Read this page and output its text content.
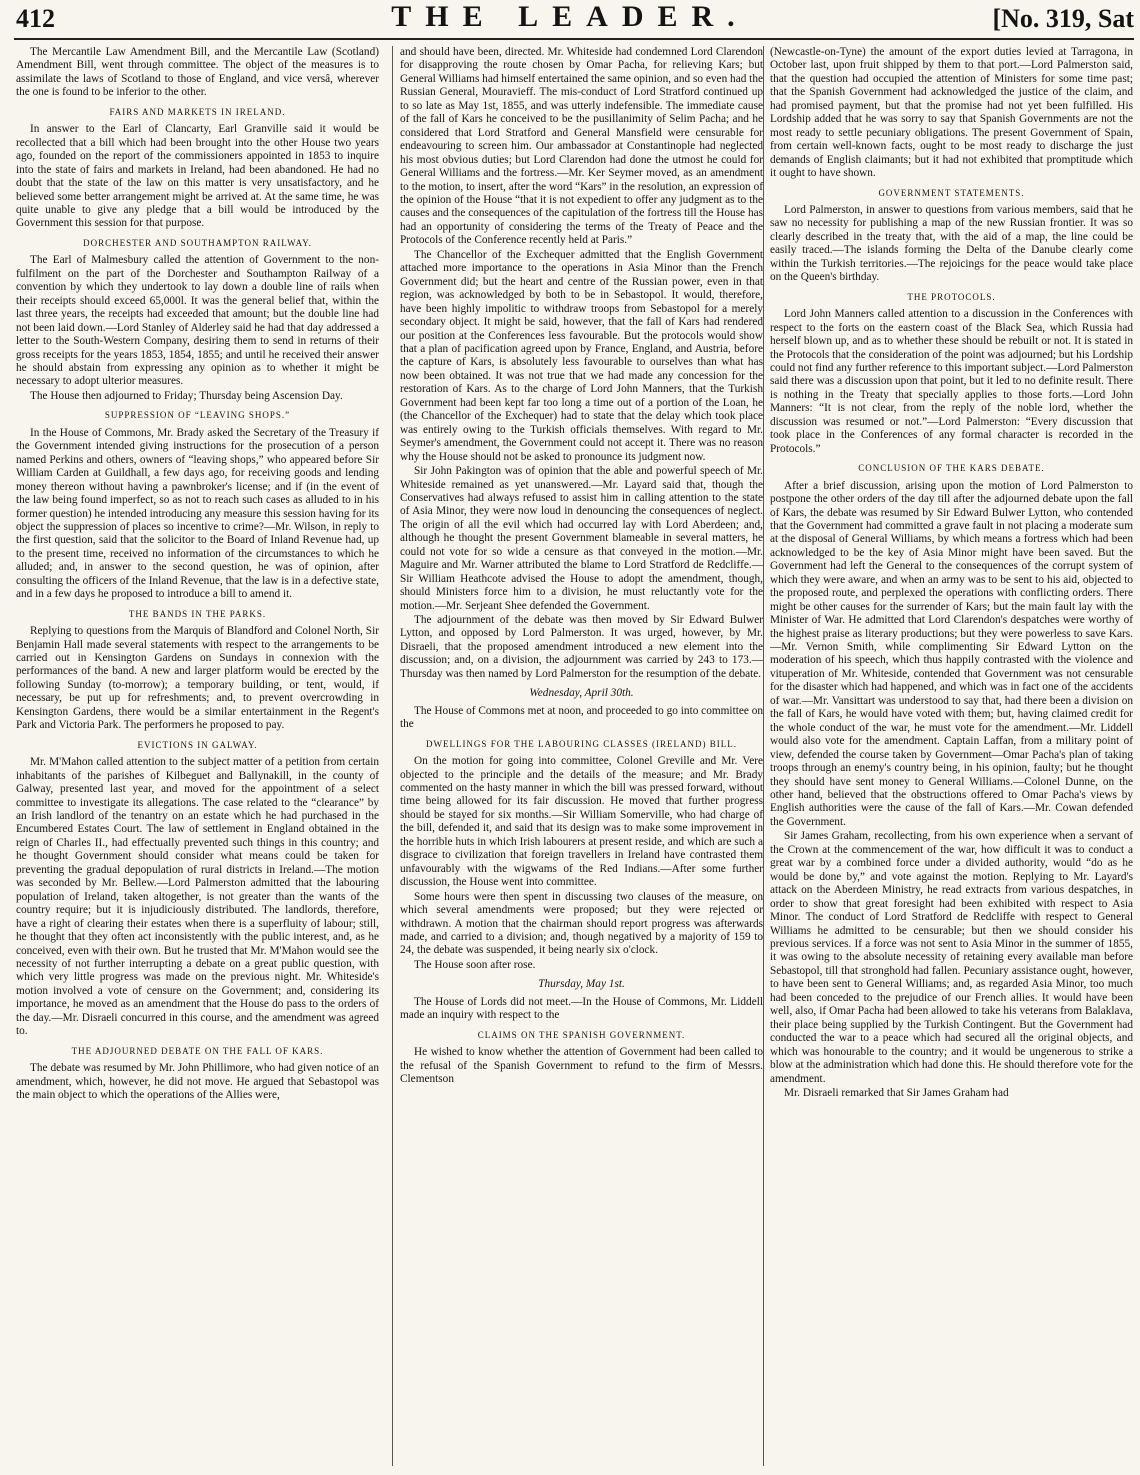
412	THE LEADER.	[No. 319, Sat

The Mercantile Law Amendment Bill, and the Mercantile Law (Scotland) Amendment Bill, went through committee. The object of the measures is to assimilate the laws of Scotland to those of England, and vice versâ, wherever the one is found to be inferior to the other.

FAIRS AND MARKETS IN IRELAND.

In answer to the Earl of Clancarty, Earl Granville said it would be recollected that a bill which had been brought into the other House two years ago, founded on the report of the commissioners appointed in 1853 to inquire into the state of fairs and markets in Ireland, had been abandoned. He had no doubt that the state of the law on this matter is very unsatisfactory, and he believed some better arrangement might be arrived at. At the same time, he was quite unable to give any pledge that a bill would be introduced by the Government this session for that purpose.

DORCHESTER AND SOUTHAMPTON RAILWAY.

The Earl of Malmesbury called the attention of Government to the non-fulfilment on the part of the Dorchester and Southampton Railway of a convention by which they undertook to lay down a double line of rails when their receipts should exceed 65,000l. It was the general belief that, within the last three years, the receipts had exceeded that amount; but the double line had not been laid down.—Lord Stanley of Alderley said he had that day addressed a letter to the South-Western Company, desiring them to send in returns of their gross receipts for the years 1853, 1854, 1855; and until he received their answer he should abstain from expressing any opinion as to whether it might be necessary to adopt ulterior measures.

The House then adjourned to Friday; Thursday being Ascension Day.

SUPPRESSION OF “LEAVING SHOPS.”

In the House of Commons, Mr. Brady asked the Secretary of the Treasury if the Government intended giving instructions for the prosecution of a person named Perkins and others, owners of “leaving shops,” who appeared before Sir William Carden at Guildhall, a few days ago, for receiving goods and lending money thereon without having a pawnbroker's license; and if (in the event of the law being found imperfect, so as not to reach such cases as alluded to in his former question) he intended introducing any measure this session having for its object the suppression of places so incentive to crime?—Mr. Wilson, in reply to the first question, said that the solicitor to the Board of Inland Revenue had, up to the present time, received no information of the circumstances to which he alluded; and, in answer to the second question, he was of opinion, after consulting the officers of the Inland Revenue, that the law is in a defective state, and in a few days he proposed to introduce a bill to amend it.

THE BANDS IN THE PARKS.

Replying to questions from the Marquis of Blandford and Colonel North, Sir Benjamin Hall made several statements with respect to the arrangements to be carried out in Kensington Gardens on Sundays in connexion with the performances of the band. A new and larger platform would be erected by the following Sunday (to-morrow); a temporary building, or tent, would, if necessary, be put up for refreshments; and, to prevent overcrowding in Kensington Gardens, there would be a similar entertainment in the Regent's Park and Victoria Park. The performers he proposed to pay.

EVICTIONS IN GALWAY.

Mr. M'Mahon called attention to the subject matter of a petition from certain inhabitants of the parishes of Kilbeguet and Ballynakill, in the county of Galway, presented last year, and moved for the appointment of a select committee to investigate its allegations. The case related to the “clearance” by an Irish landlord of the tenantry on an estate which he had purchased in the Encumbered Estates Court. The law of settlement in England obtained in the reign of Charles II., had effectually prevented such things in this country; and he thought Government should consider what means could be taken for preventing the gradual depopulation of rural districts in Ireland.—The motion was seconded by Mr. Bellew.—Lord Palmerston admitted that the labouring population of Ireland, taken altogether, is not greater than the wants of the country require; but it is injudiciously distributed. The landlords, therefore, have a right of clearing their estates when there is a superfluity of labour; still, he thought that they often act inconsistently with the public interest, and, as he conceived, even with their own. But he trusted that Mr. M'Mahon would see the necessity of not further interrupting a debate on a great public question, with which very little progress was made on the previous night. Mr. Whiteside's motion involved a vote of censure on the Government; and, considering its importance, he moved as an amendment that the House do pass to the orders of the day.—Mr. Disraeli concurred in this course, and the amendment was agreed to.

THE ADJOURNED DEBATE ON THE FALL OF KARS.

The debate was resumed by Mr. John Phillimore, who had given notice of an amendment, which, however, he did not move. He argued that Sebastopol was the main object to which the operations of the Allies were,

and should have been, directed. Mr. Whiteside had condemned Lord Clarendon for disapproving the route chosen by Omar Pacha, for relieving Kars; but General Williams had himself entertained the same opinion, and so even had the Russian General, Mouravieff. The mis-conduct of Lord Stratford continued up to so late as May 1st, 1855, and was utterly indefensible. The immediate cause of the fall of Kars he conceived to be the pusillanimity of Selim Pacha; and he considered that Lord Stratford and General Mansfield were censurable for endeavouring to screen him. Our ambassador at Constantinople had neglected his most obvious duties; but Lord Clarendon had done the utmost he could for General Williams and the fortress.—Mr. Ker Seymer moved, as an amendment to the motion, to insert, after the word “Kars” in the resolution, an expression of the opinion of the House “that it is not expedient to offer any judgment as to the causes and the consequences of the capitulation of the fortress till the House has had an opportunity of considering the terms of the Treaty of Peace and the Protocols of the Conference recently held at Paris.”

The Chancellor of the Exchequer admitted that the English Government attached more importance to the operations in Asia Minor than the French Government did; but the heart and centre of the Russian power, even in that region, was acknowledged by both to be in Sebastopol. It would, therefore, have been highly impolitic to withdraw troops from Sebastopol for a merely secondary object. It might be said, however, that the fall of Kars had rendered our position at the Conferences less favourable. But the protocols would show that a plan of pacification agreed upon by France, England, and Austria, before the capture of Kars, is absolutely less favourable to ourselves than what has now been obtained. It was not true that we had made any concession for the restoration of Kars. As to the charge of Lord John Manners, that the Turkish Government had been kept far too long a time out of a portion of the Loan, he (the Chancellor of the Exchequer) had to state that the delay which took place was entirely owing to the Turkish officials themselves. With regard to Mr. Seymer's amendment, the Government could not accept it. There was no reason why the House should not be asked to pronounce its judgment now.

Sir John Pakington was of opinion that the able and powerful speech of Mr. Whiteside remained as yet unanswered.—Mr. Layard said that, though the Conservatives had always refused to assist him in calling attention to the state of Asia Minor, they were now loud in denouncing the consequences of neglect. The origin of all the evil which had occurred lay with Lord Aberdeen; and, although he thought the present Government blameable in several matters, he could not vote for so wide a censure as that conveyed in the motion.—Mr. Maguire and Mr. Warner attributed the blame to Lord Stratford de Redcliffe.—Sir William Heathcote advised the House to adopt the amendment, though, should Ministers force him to a division, he must reluctantly vote for the motion.—Mr. Serjeant Shee defended the Government.

The adjournment of the debate was then moved by Sir Edward Bulwer Lytton, and opposed by Lord Palmerston. It was urged, however, by Mr. Disraeli, that the proposed amendment introduced a new element into the discussion; and, on a division, the adjournment was carried by 243 to 173.—Thursday was then named by Lord Palmerston for the resumption of the debate.

Wednesday, April 30th.

The House of Commons met at noon, and proceeded to go into committee on the

DWELLINGS FOR THE LABOURING CLASSES (IRELAND) BILL.

On the motion for going into committee, Colonel Greville and Mr. Vere objected to the principle and the details of the measure; and Mr. Brady commented on the hasty manner in which the bill was pressed forward, without time being allowed for its fair discussion. He moved that further progress should be stayed for six months.—Sir William Somerville, who had charge of the bill, defended it, and said that its design was to make some improvement in the horrible huts in which Irish labourers at present reside, and which are such a disgrace to civilization that foreign travellers in Ireland have contrasted them unfavourably with the wigwams of the Red Indians.—After some further discussion, the House went into committee.

Some hours were then spent in discussing two clauses of the measure, on which several amendments were proposed; but they were rejected or withdrawn. A motion that the chairman should report progress was afterwards made, and carried to a division; and, though negatived by a majority of 159 to 24, the debate was suspended, it being nearly six o'clock.

The House soon after rose.

Thursday, May 1st.

The House of Lords did not meet.—In the House of Commons, Mr. Liddell made an inquiry with respect to the

CLAIMS ON THE SPANISH GOVERNMENT.

He wished to know whether the attention of Government had been called to the refusal of the Spanish Government to refund to the firm of Messrs. Clementson

(Newcastle-on-Tyne) the amount of the export duties levied at Tarragona, in October last, upon fruit shipped by them to that port.—Lord Palmerston said, that the question had occupied the attention of Ministers for some time past; that the Spanish Government had acknowledged the justice of the claim, and had promised payment, but that the promise had not yet been fulfilled. His Lordship added that he was sorry to say that Spanish Governments are not the most ready to settle pecuniary obligations. The present Government of Spain, from certain well-known facts, ought to be most ready to discharge the just demands of English claimants; but it had not exhibited that promptitude which it ought to have shown.

GOVERNMENT STATEMENTS.

Lord Palmerston, in answer to questions from various members, said that he saw no necessity for publishing a map of the new Russian frontier. It was so clearly described in the treaty that, with the aid of a map, the line could be easily traced.—The islands forming the Delta of the Danube clearly come within the Turkish territories.—The rejoicings for the peace would take place on the Queen's birthday.

THE PROTOCOLS.

Lord John Manners called attention to a discussion in the Conferences with respect to the forts on the eastern coast of the Black Sea, which Russia had herself blown up, and as to whether these should be rebuilt or not. It is stated in the Protocols that the consideration of the point was adjourned; but his Lordship could not find any further reference to this important subject.—Lord Palmerston said there was a discussion upon that point, but it led to no definite result. There is nothing in the Treaty that specially applies to those forts.—Lord John Manners: “It is not clear, from the reply of the noble lord, whether the discussion was resumed or not.”—Lord Palmerston: “Every discussion that took place in the Conferences of any formal character is recorded in the Protocols.”

CONCLUSION OF THE KARS DEBATE.

After a brief discussion, arising upon the motion of Lord Palmerston to postpone the other orders of the day till after the adjourned debate upon the fall of Kars, the debate was resumed by Sir Edward Bulwer Lytton, who contended that the Government had committed a grave fault in not placing a moderate sum at the disposal of General Williams, by which means a fortress which had been acknowledged to be the key of Asia Minor might have been saved. But the Government had left the General to the consequences of the corrupt system of which they were aware, and when an army was to be sent to his aid, objected to the proposed route, and perplexed the operations with conflicting orders. There might be other causes for the surrender of Kars; but the main fault lay with the Minister of War. He admitted that Lord Clarendon's despatches were worthy of the highest praise as literary productions; but they were powerless to save Kars.—Mr. Vernon Smith, while complimenting Sir Edward Lytton on the moderation of his speech, which thus happily contrasted with the violence and vituperation of Mr. Whiteside, contended that Government was not censurable for the disaster which had happened, and which was in fact one of the accidents of war.—Mr. Vansittart was understood to say that, had there been a division on the fall of Kars, he would have voted with them; but, having claimed credit for the whole conduct of the war, he must vote for the amendment.—Mr. Liddell would also vote for the amendment. Captain Laffan, from a military point of view, defended the course taken by Government—Omar Pacha's plan of taking troops through an enemy's country being, in his opinion, faulty; but he thought they should have sent money to General Williams.—Colonel Dunne, on the other hand, believed that the obstructions offered to Omar Pacha's views by English authorities were the cause of the fall of Kars.—Mr. Cowan defended the Government.

Sir James Graham, recollecting, from his own experience when a servant of the Crown at the commencement of the war, how difficult it was to conduct a great war by a combined force under a divided authority, would “do as he would be done by,” and vote against the motion. Replying to Mr. Layard's attack on the Aberdeen Ministry, he read extracts from various despatches, in order to show that great foresight had been exhibited with respect to Asia Minor. The conduct of Lord Stratford de Redcliffe with respect to General Williams he admitted to be censurable; but then we should consider his previous services. If a force was not sent to Asia Minor in the summer of 1855, it was owing to the absolute necessity of retaining every available man before Sebastopol, till that stronghold had fallen. Pecuniary assistance ought, however, to have been sent to General Williams; and, as regarded Asia Minor, too much had been conceded to the prejudice of our French allies. It would have been well, also, if Omar Pacha had been allowed to take his veterans from Balaklava, their place being supplied by the Turkish Contingent. But the Government had conducted the war to a peace which had secured all the original objects, and which was honourable to the country; and it would be ungenerous to strike a blow at the administration which had done this. He should therefore vote for the amendment.

Mr. Disraeli remarked that Sir James Graham had
